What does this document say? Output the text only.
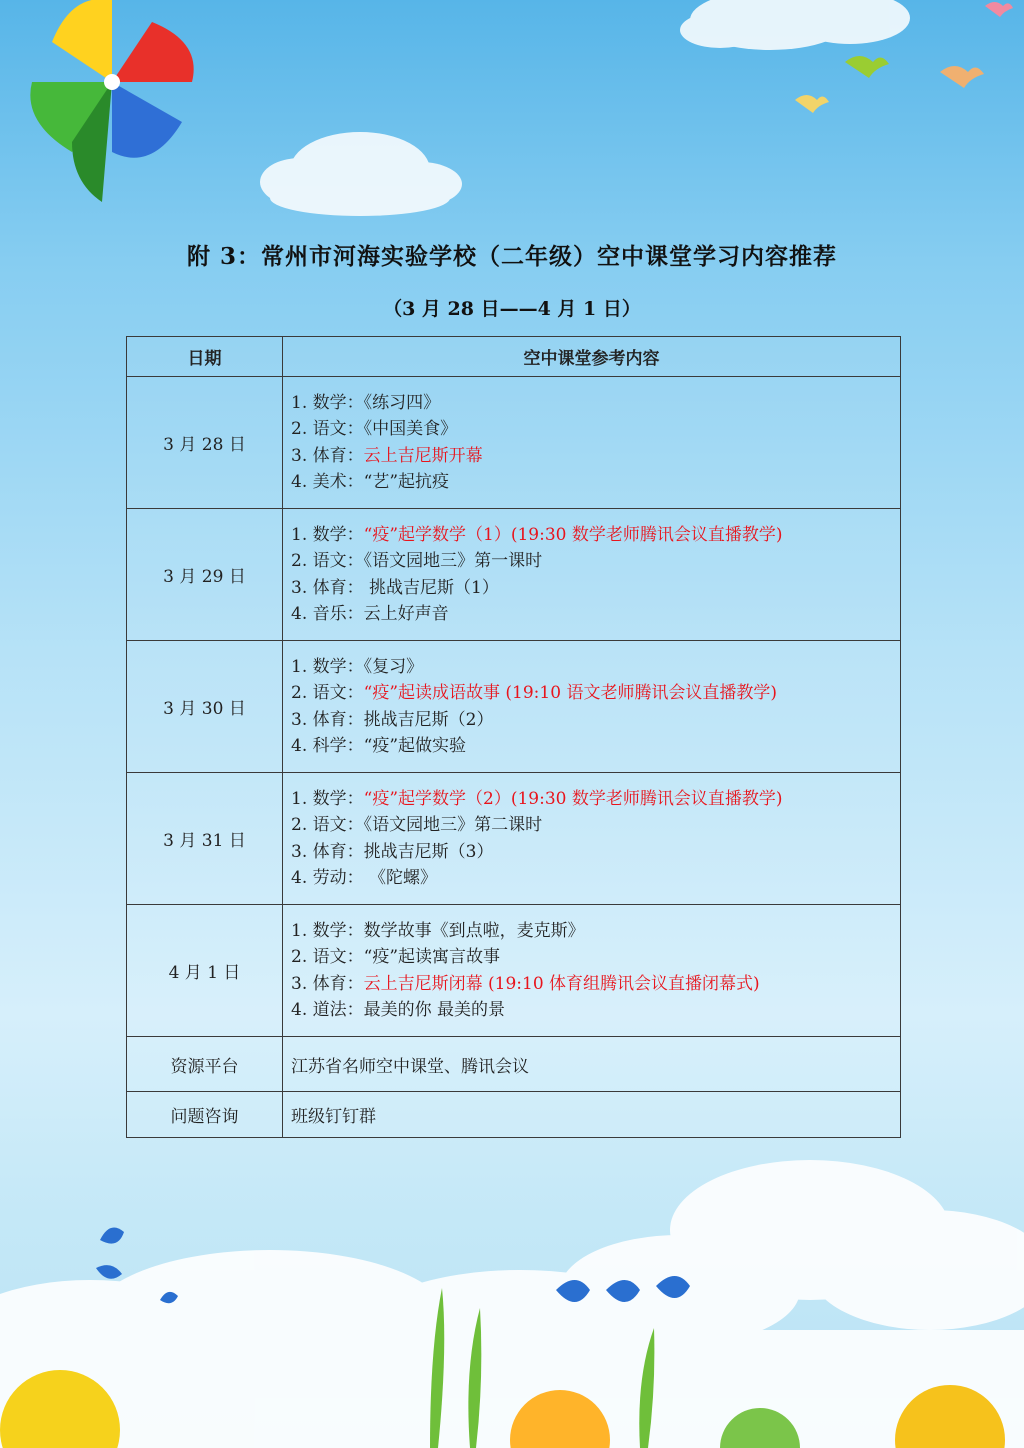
附 3：常州市河海实验学校（二年级）空中课堂学习内容推荐
（3 月 28 日——4 月 1 日）
日期	空中课堂参考内容
3 月 28 日	1. 数学：《练习四》
2. 语文：《中国美食》
3. 体育：云上吉尼斯开幕
4. 美术：“艺”起抗疫

3 月 29 日	1. 数学：“疫”起学数学（1）(19:30 数学老师腾讯会议直播教学)
2. 语文：《语文园地三》第一课时
3. 体育： 挑战吉尼斯（1）
4. 音乐：云上好声音

3 月 30 日	1. 数学：《复习》
2. 语文：“疫”起读成语故事 (19:10 语文老师腾讯会议直播教学)
3. 体育：挑战吉尼斯（2）
4. 科学：“疫”起做实验

3 月 31 日	1. 数学：“疫”起学数学（2）(19:30 数学老师腾讯会议直播教学)
2. 语文：《语文园地三》第二课时
3. 体育：挑战吉尼斯（3）
4. 劳动： 《陀螺》

4 月 1 日	1. 数学：数学故事《到点啦，麦克斯》
2. 语文：“疫”起读寓言故事
3. 体育：云上吉尼斯闭幕 (19:10 体育组腾讯会议直播闭幕式)
4. 道法：最美的你 最美的景

资源平台	江苏省名师空中课堂、腾讯会议
问题咨询	班级钉钉群
